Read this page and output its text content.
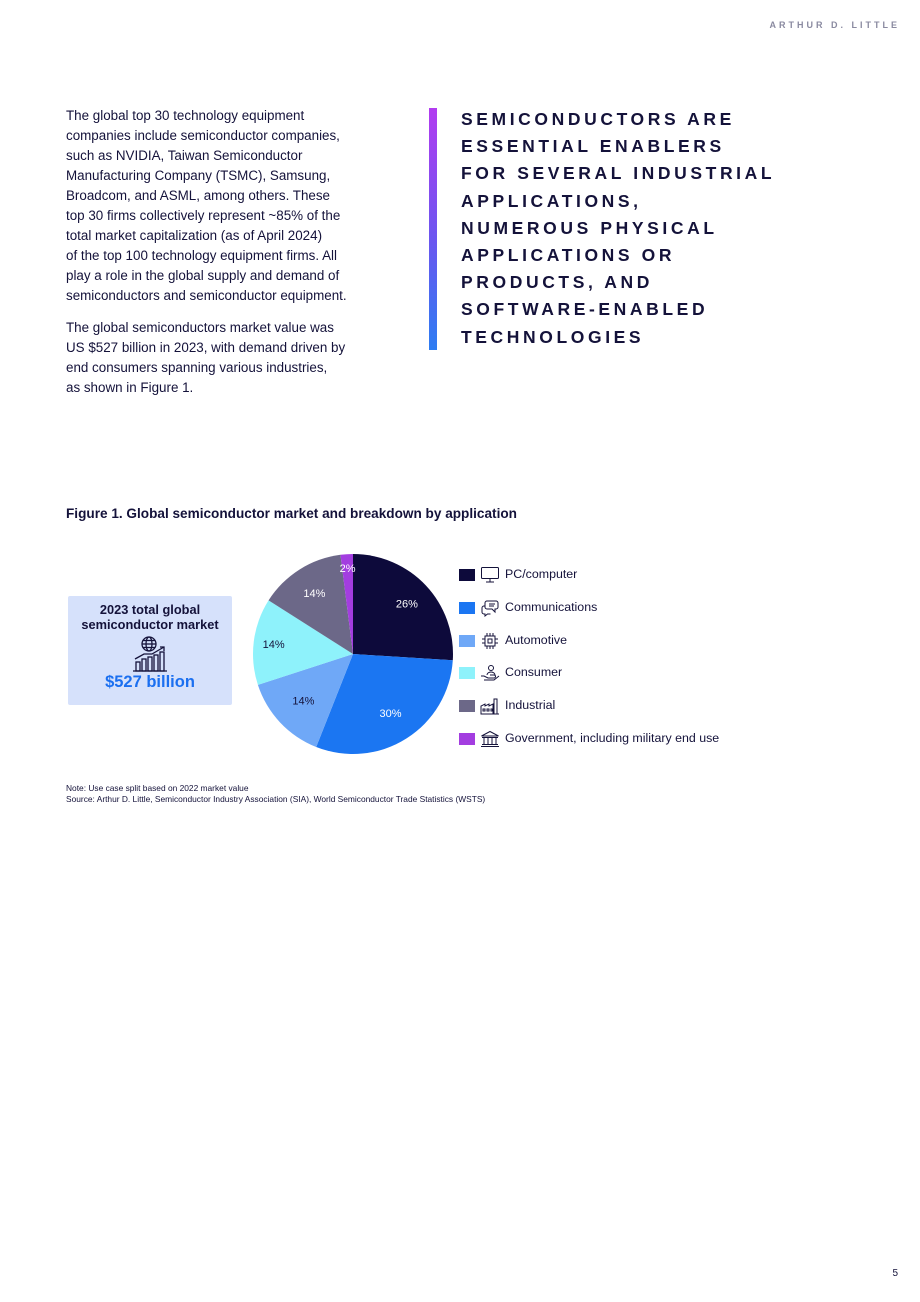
ARTHUR D. LITTLE

The global top 30 technology equipment
companies include semiconductor companies,
such as NVIDIA, Taiwan Semiconductor
Manufacturing Company (TSMC), Samsung,
Broadcom, and ASML, among others. These
top 30 firms collectively represent ~85% of the
total market capitalization (as of April 2024)
of the top 100 technology equipment firms. All
play a role in the global supply and demand of
semiconductors and semiconductor equipment.

The global semiconductors market value was
US $527 billion in 2023, with demand driven by
end consumers spanning various industries,
as shown in Figure 1.

SEMICONDUCTORS ARE
ESSENTIAL ENABLERS
FOR SEVERAL INDUSTRIAL
APPLICATIONS,
NUMEROUS PHYSICAL
APPLICATIONS OR
PRODUCTS, AND
SOFTWARE-ENABLED
TECHNOLOGIES
Figure 1. Global semiconductor market and breakdown by application
2023 total global
semiconductor market
$527 billion
26%
30%
14%
14%
14%
2%	PC/computer
Communications
Automotive
Consumer
Industrial
Government, including military end use
Note: Use case split based on 2022 market value
Source: Arthur D. Little, Semiconductor Industry Association (SIA), World Semiconductor Trade Statistics (WSTS)
5
